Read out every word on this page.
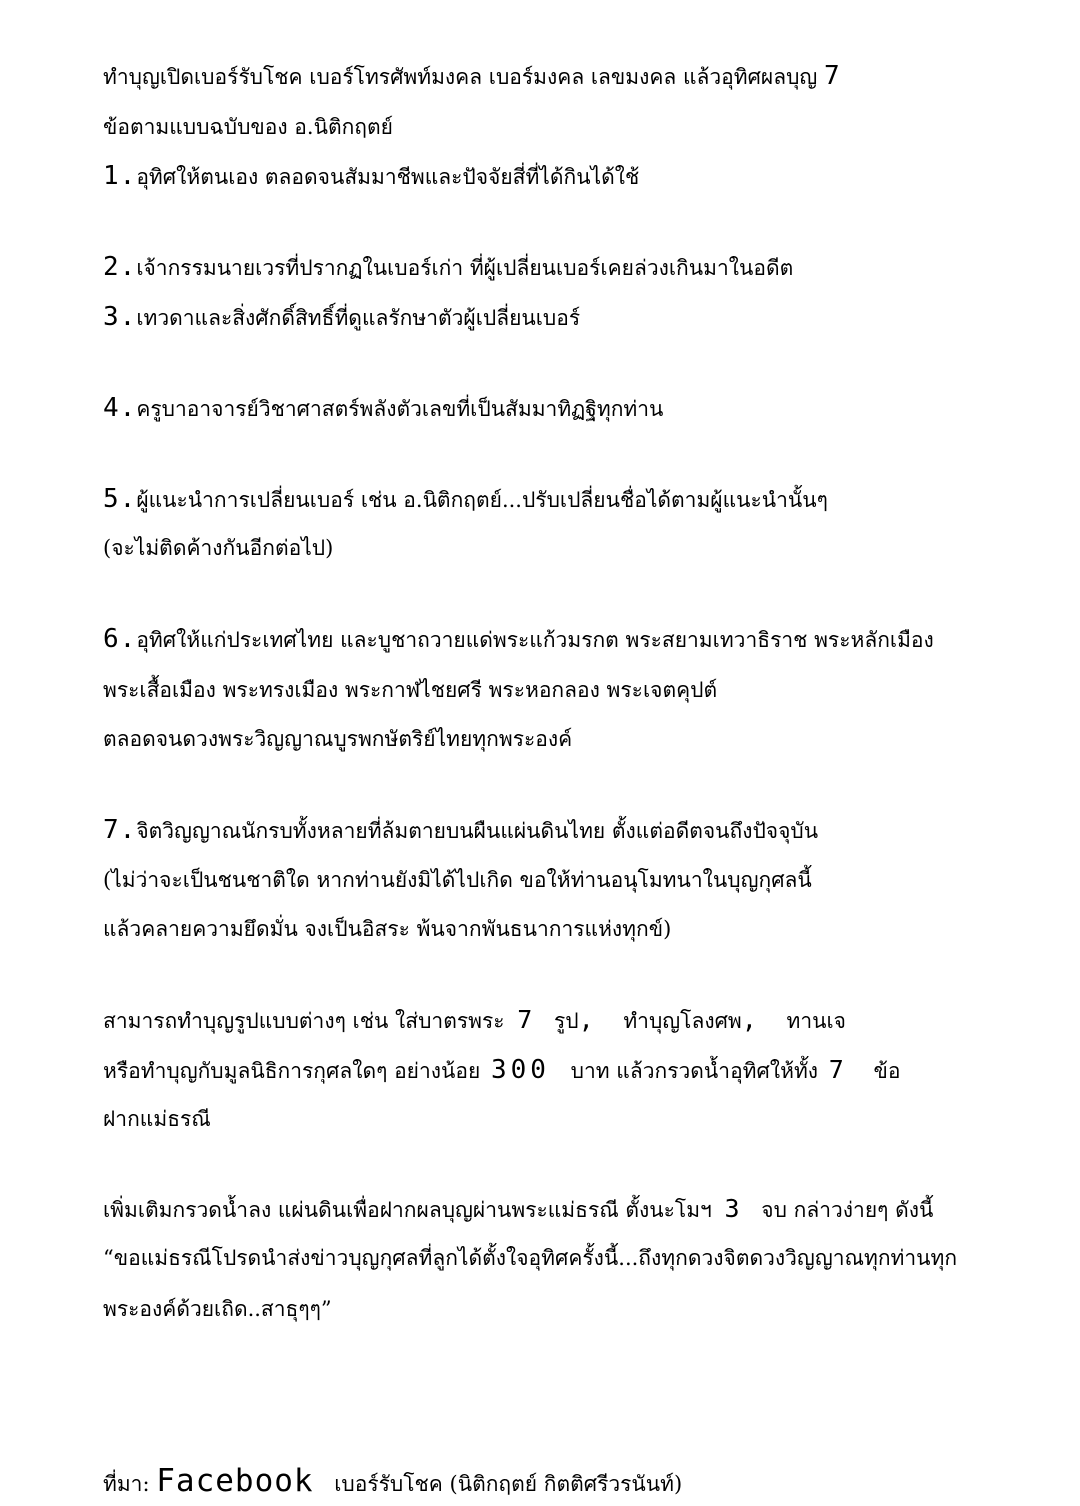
ทำบุญเปิดเบอร์รับโชค เบอร์โทรศัพท์มงคล เบอร์มงคล เลขมงคล แล้วอุทิศผลบุญ 7
ข้อตามแบบฉบับของ อ.นิติกฤตย์
1.อุทิศให้ตนเอง ตลอดจนสัมมาชีพและปัจจัยสี่ที่ได้กินได้ใช้
2.เจ้ากรรมนายเวรที่ปรากฏในเบอร์เก่า ที่ผู้เปลี่ยนเบอร์เคยล่วงเกินมาในอดีต
3.เทวดาและสิ่งศักดิ์สิทธิ์ที่ดูแลรักษาตัวผู้เปลี่ยนเบอร์
4.ครูบาอาจารย์วิชาศาสตร์พลังตัวเลขที่เป็นสัมมาทิฏฐิทุกท่าน
5.ผู้แนะนำการเปลี่ยนเบอร์ เช่น อ.นิติกฤตย์...ปรับเปลี่ยนชื่อได้ตามผู้แนะนำนั้นๆ
(จะไม่ติดค้างกันอีกต่อไป)
6.อุทิศให้แก่ประเทศไทย และบูชาถวายแด่พระแก้วมรกต พระสยามเทวาธิราช พระหลักเมือง
พระเสื้อเมือง พระทรงเมือง พระกาฬไชยศรี พระหอกลอง พระเจตคุปต์
ตลอดจนดวงพระวิญญาณบูรพกษัตริย์ไทยทุกพระองค์
7.จิตวิญญาณนักรบทั้งหลายที่ล้มตายบนผืนแผ่นดินไทย ตั้งแต่อดีตจนถึงปัจจุบัน
(ไม่ว่าจะเป็นชนชาติใด หากท่านยังมิได้ไปเกิด ขอให้ท่านอนุโมทนาในบุญกุศลนี้
แล้วคลายความยึดมั่น จงเป็นอิสระ พ้นจากพันธนาการแห่งทุกข์)
สามารถทำบุญรูปแบบต่างๆ เช่น ใส่บาตรพระ 7 รูป, ทำบุญโลงศพ, ทานเจ
หรือทำบุญกับมูลนิธิการกุศลใดๆ อย่างน้อย 300 บาท แล้วกรวดน้ำอุทิศให้ทั้ง 7 ข้อ
ฝากแม่ธรณี
เพิ่มเติมกรวดน้ำลง แผ่นดินเพื่อฝากผลบุญผ่านพระแม่ธรณี ตั้งนะโมฯ 3 จบ กล่าวง่ายๆ ดังนี้
“ขอแม่ธรณีโปรดนำส่งข่าวบุญกุศลที่ลูกได้ตั้งใจอุทิศครั้งนี้...ถึงทุกดวงจิตดวงวิญญาณทุกท่านทุก
พระองค์ด้วยเถิด..สาธุๆๆ”
ที่มา: Facebook เบอร์รับโชค (นิติกฤตย์ กิตติศรีวรนันท์)
